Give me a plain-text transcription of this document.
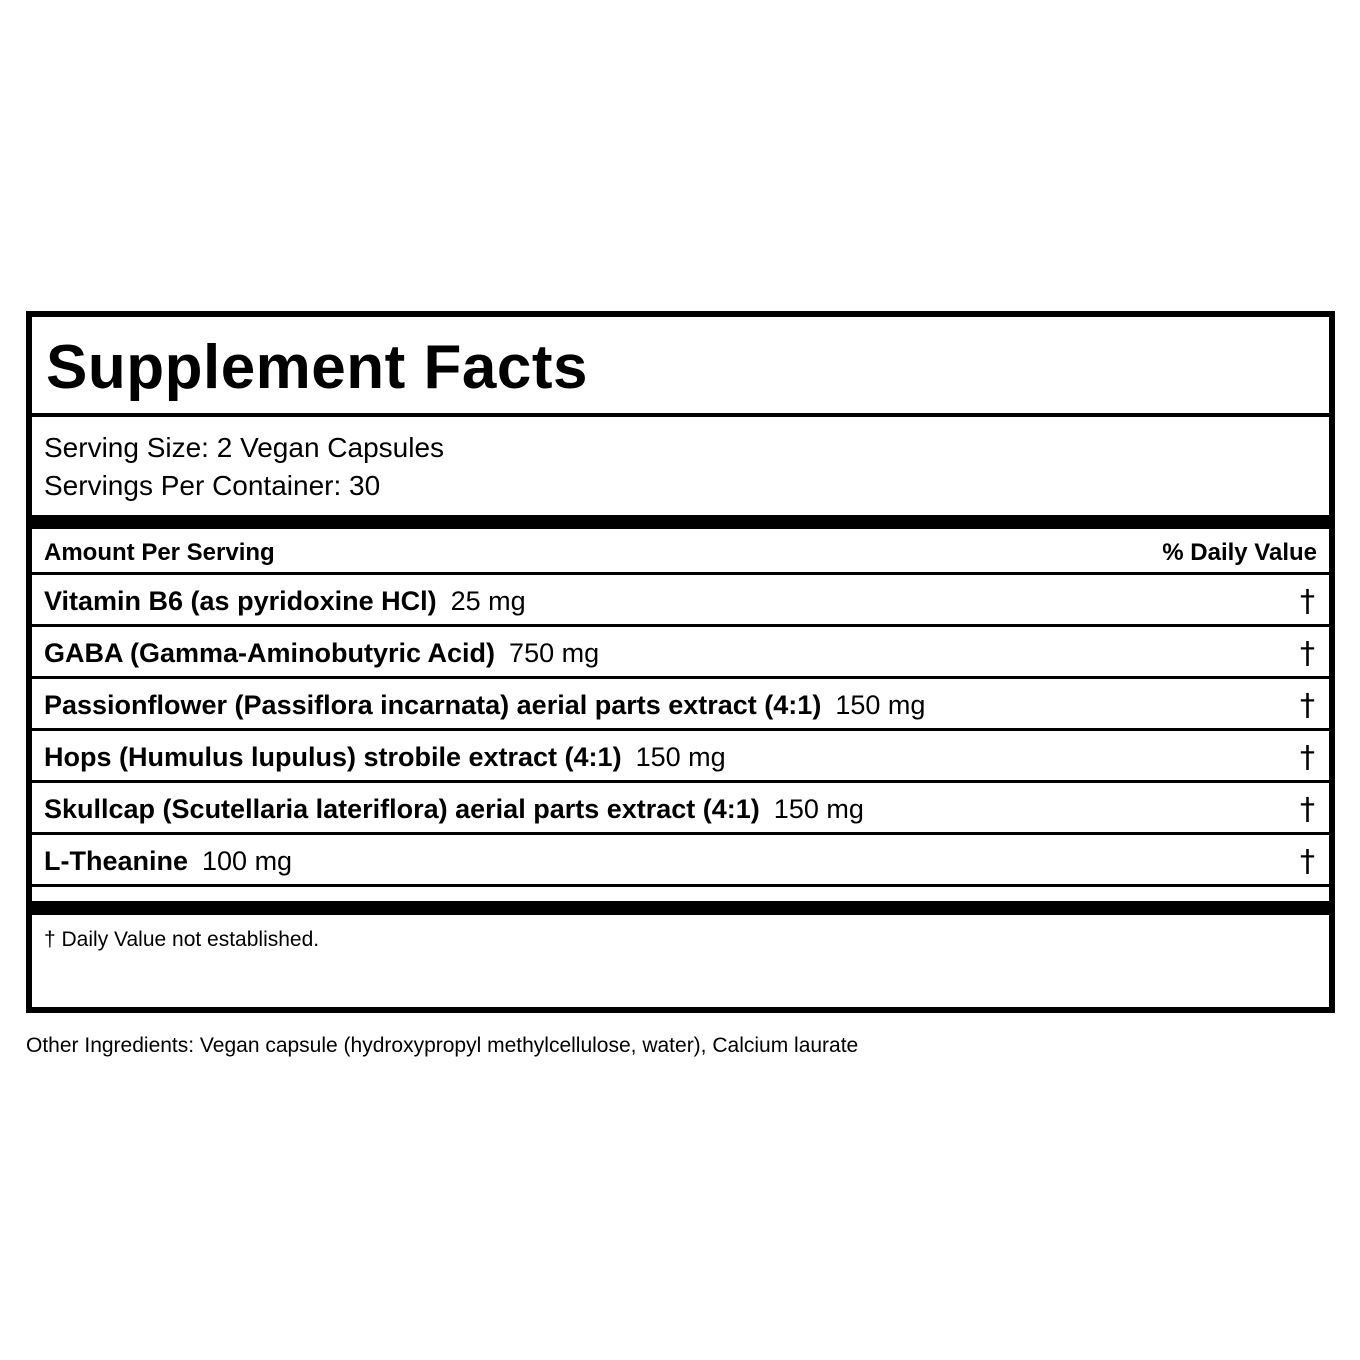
Supplement Facts
Serving Size: 2 Vegan Capsules
Servings Per Container: 30
Amount Per Serving	% Daily Value
Vitamin B6 (as pyridoxine HCl) 25 mg	†
GABA (Gamma-Aminobutyric Acid) 750 mg	†
Passionflower (Passiflora incarnata) aerial parts extract (4:1) 150 mg	†
Hops (Humulus lupulus) strobile extract (4:1) 150 mg	†
Skullcap (Scutellaria lateriflora) aerial parts extract (4:1) 150 mg	†
L-Theanine 100 mg	†
† Daily Value not established.
Other Ingredients: Vegan capsule (hydroxypropyl methylcellulose, water), Calcium laurate
